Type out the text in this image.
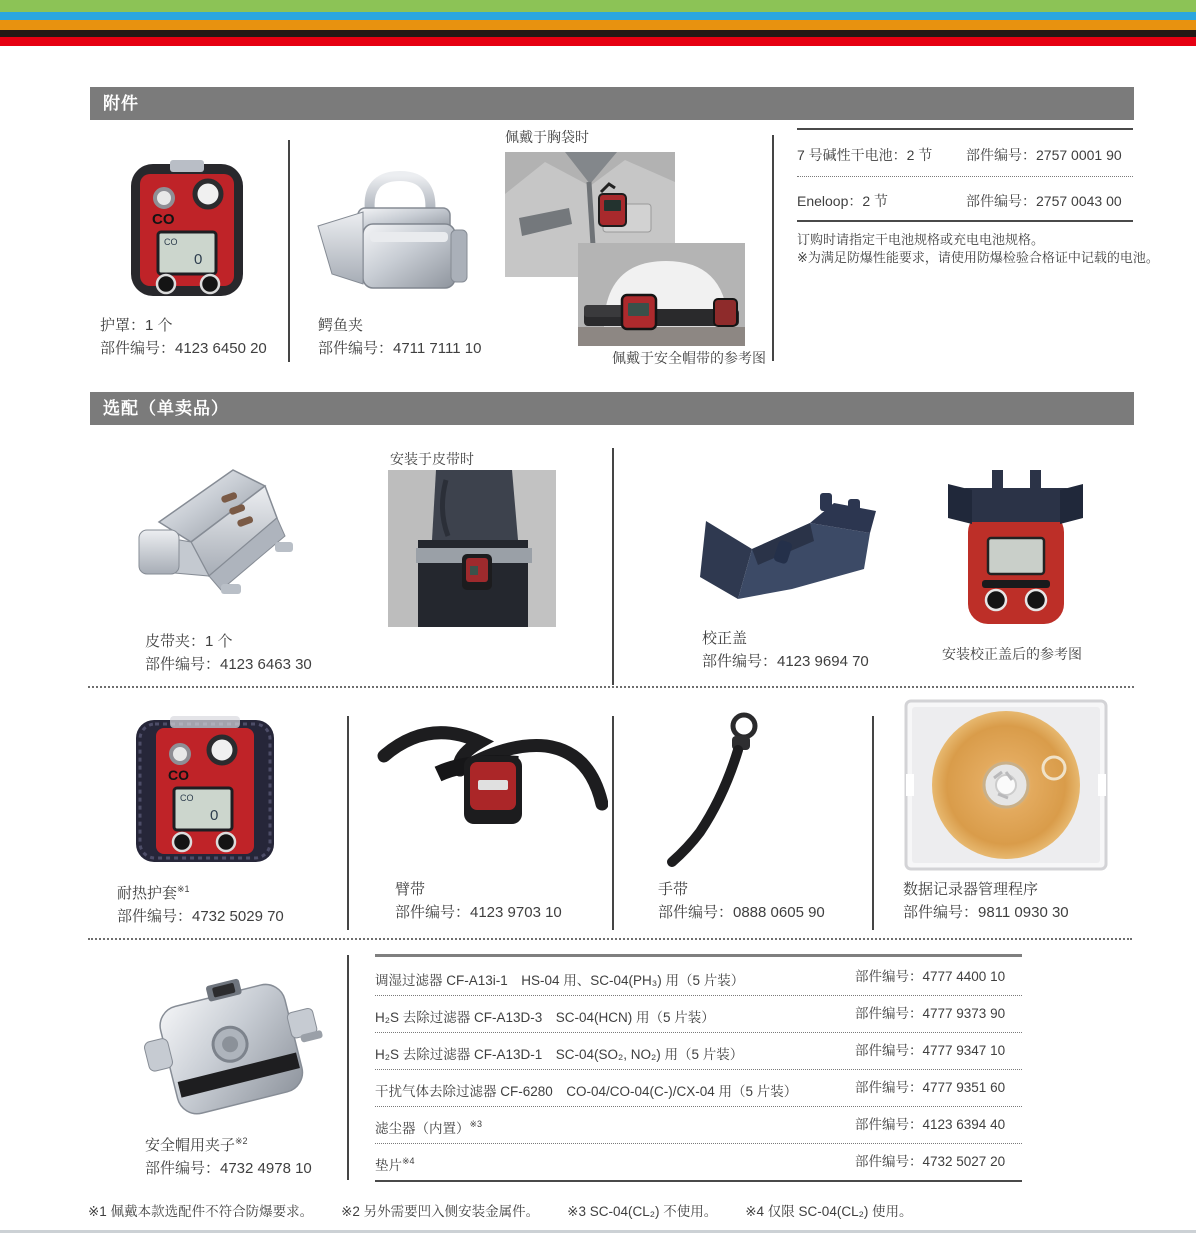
附件
CO
CO
0
护罩：1 个
部件编号：4123 6450 20
鳄鱼夹
部件编号：4711 7111 10
佩戴于胸袋时
佩戴于安全帽带的参考图
7 号碱性干电池：2 节 部件编号：2757 0001 90
Eneloop：2 节	部件编号：2757 0043 00
订购时请指定干电池规格或充电电池规格。
※为满足防爆性能要求，请使用防爆检验合格证中记载的电池。
选配（单卖品）
皮带夹：1 个
部件编号：4123 6463 30
安装于皮带时
校正盖
部件编号：4123 9694 70	安装校正盖后的参考图
CO
CO
0
耐热护套$^{※1}$
部件编号：4732 5029 70
臂带
部件编号：4123 9703 10
手带
部件编号：0888 0605 90
数据记录器管理程序
部件编号：9811 0930 30
安全帽用夹子$^{※2}$
部件编号：4732 4978 10
调湿过滤器 CF-A13i-1　HS-04 用、SC-04(PH₃) 用（5 片装）	部件编号：4777 4400 10
H₂S 去除过滤器 CF-A13D-3　SC-04(HCN) 用（5 片装）	部件编号：4777 9373 90
H₂S 去除过滤器 CF-A13D-1　SC-04(SO₂, NO₂) 用（5 片装）	部件编号：4777 9347 10
干扰气体去除过滤器 CF-6280　CO-04/CO-04(C-)/CX-04 用（5 片装）	部件编号：4777 9351 60
滤尘器（内置）$^{※3}$	部件编号：4123 6394 40
垫片$^{※4}$	部件编号：4732 5027 20
※1 佩戴本款选配件不符合防爆要求。 ※2 另外需要凹入侧安装金属件。 ※3 SC-04(CL₂) 不使用。 ※4 仅限 SC-04(CL₂) 使用。
